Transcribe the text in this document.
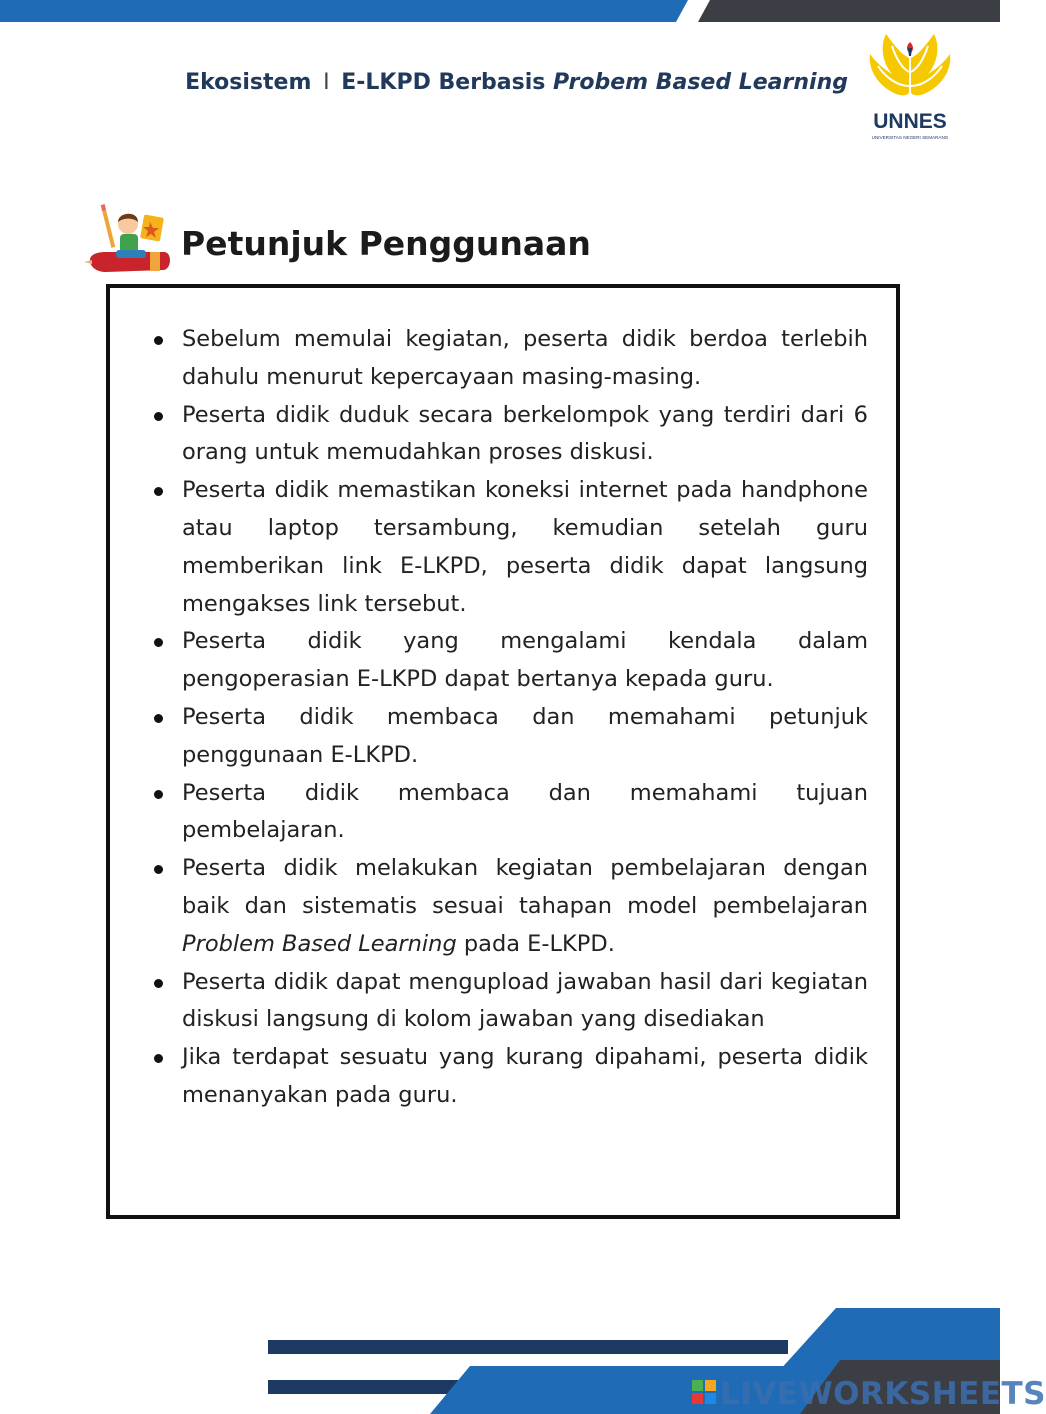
Ekosistem I E-LKPD Berbasis Probem Based Learning
UNNES
UNIVERSITAS NEGERI SEMARANG
Petunjuk Penggunaan
Sebelum memulai kegiatan, peserta didik berdoa terlebih dahulu menurut kepercayaan masing-masing.
Peserta didik duduk secara berkelompok yang terdiri dari 6 orang untuk memudahkan proses diskusi.
Peserta didik memastikan koneksi internet pada handphone atau laptop tersambung, kemudian setelah guru memberikan link E-LKPD, peserta didik dapat langsung mengakses link tersebut.
Peserta didik yang mengalami kendala dalam pengoperasian E-LKPD dapat bertanya kepada guru.
Peserta didik membaca dan memahami petunjuk penggunaan E-LKPD.
Peserta didik membaca dan memahami tujuan pembelajaran.
Peserta didik melakukan kegiatan pembelajaran dengan baik dan sistematis sesuai tahapan model pembelajaran Problem Based Learning pada E-LKPD.
Peserta didik dapat mengupload jawaban hasil dari kegiatan diskusi langsung di kolom jawaban yang disediakan
Jika terdapat sesuatu yang kurang dipahami, peserta didik menanyakan pada guru.
LIVEWORKSHEETS
